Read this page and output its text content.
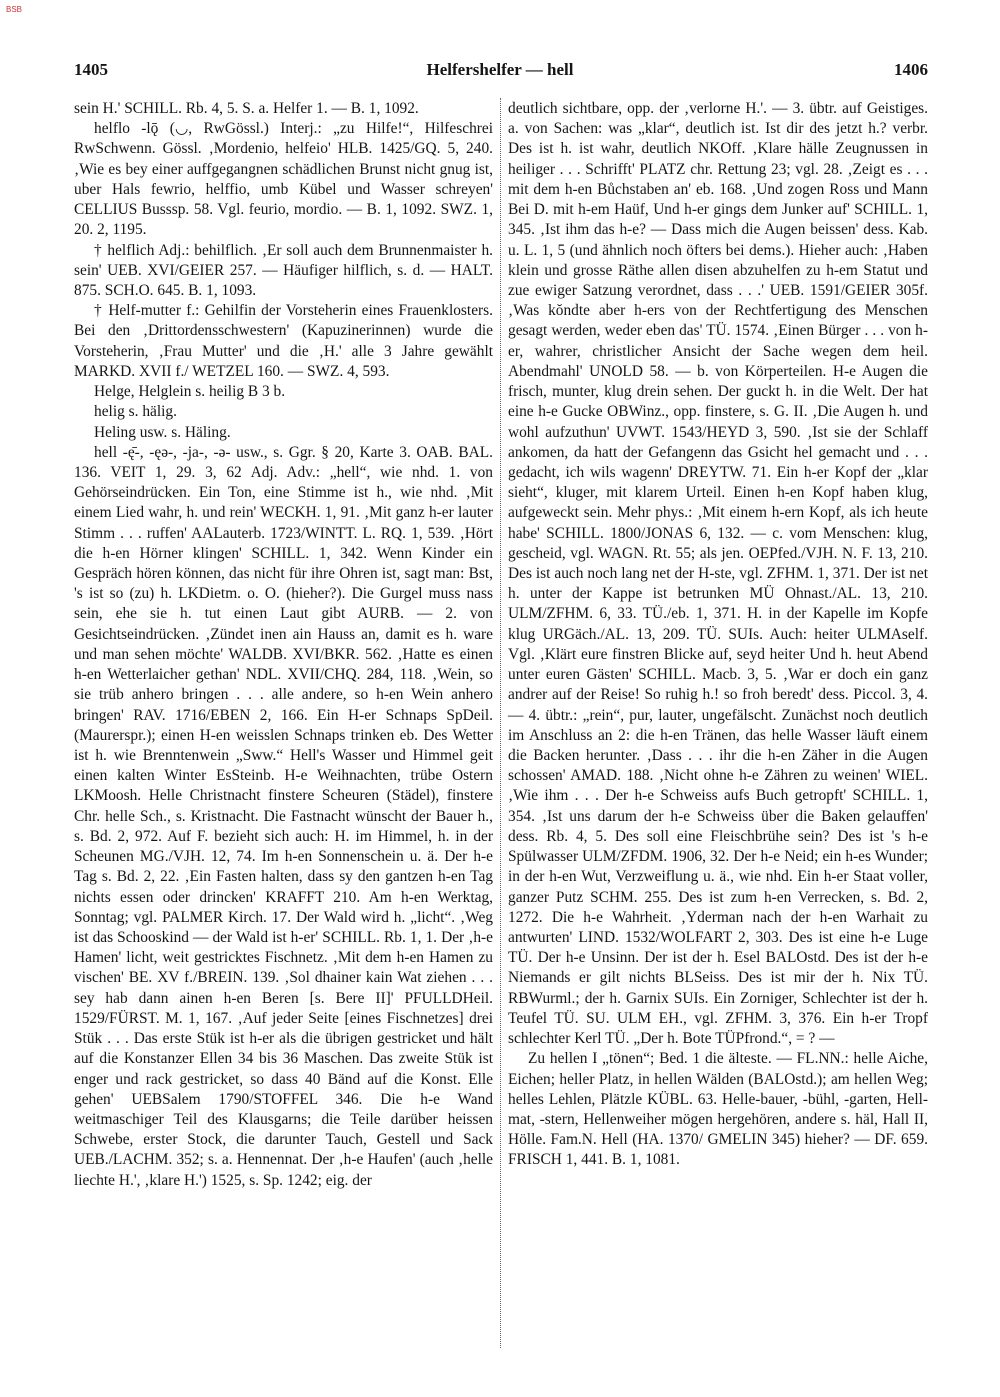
BSB
1405	Helfershelfer — hell	1406

sein H.' SCHILL. Rb. 4, 5. S. a. Helfer 1. — B. 1, 1092.

helflo -lǭ (◡, RwGössl.) Interj.: „zu Hilfe!“, Hilfeschrei RwSchwenn. Gössl. ‚Mordenio, helfeio' HLB. 1425/GQ. 5, 240. ‚Wie es bey einer auffgegangnen schädlichen Brunst nicht gnug ist, uber Hals fewrio, helffio, umb Kübel und Wasser schreyen' CELLIUS Busssp. 58. Vgl. feurio, mordio. — B. 1, 1092. SWZ. 1, 20. 2, 1195.

† helflich Adj.: behilflich. ‚Er soll auch dem Brunnenmaister h. sein' UEB. XVI/GEIER 257. — Häufiger hilflich, s. d. — HALT. 875. SCH.O. 645. B. 1, 1093.

† Helf-mutter f.: Gehilfin der Vorsteherin eines Frauenklosters. Bei den ‚Drittordensschwestern' (Kapuzinerinnen) wurde die Vorsteherin, ‚Frau Mutter' und die ‚H.' alle 3 Jahre gewählt MARKD. XVII f./ WETZEL 160. — SWZ. 4, 593.

Helge, Helglein s. heilig B 3 b.

helig s. hälig.

Heling usw. s. Häling.

hell -ę̄-, -ęə-, -ja-, -ə- usw., s. Ggr. § 20, Karte 3. OAB. BAL. 136. VEIT 1, 29. 3, 62 Adj. Adv.: „hell“, wie nhd. 1. von Gehörseindrücken. Ein Ton, eine Stimme ist h., wie nhd. ‚Mit einem Lied wahr, h. und rein' WECKH. 1, 91. ‚Mit ganz h-er lauter Stimm . . . ruffen' AALauterb. 1723/WINTT. L. RQ. 1, 539. ‚Hört die h-en Hörner klingen' SCHILL. 1, 342. Wenn Kinder ein Gespräch hören können, das nicht für ihre Ohren ist, sagt man: Bst, 's ist so (zu) h. LKDietm. o. O. (hieher?). Die Gurgel muss nass sein, ehe sie h. tut einen Laut gibt AURB. — 2. von Gesichtseindrücken. ‚Zündet inen ain Hauss an, damit es h. ware und man sehen möchte' WALDB. XVI/BKR. 562. ‚Hatte es einen h-en Wetterlaicher gethan' NDL. XVII/CHQ. 284, 118. ‚Wein, so sie trüb anhero bringen . . . alle andere, so h-en Wein anhero bringen' RAV. 1716/EBEN 2, 166. Ein H-er Schnaps SpDeil. (Maurerspr.); einen H-en weisslen Schnaps trinken eb. Des Wetter ist h. wie Brenntenwein „Sww.“ Hell's Wasser und Himmel geit einen kalten Winter EsSteinb. H-e Weihnachten, trübe Ostern LKMoosh. Helle Christnacht finstere Scheuren (Städel), finstere Chr. helle Sch., s. Kristnacht. Die Fastnacht wünscht der Bauer h., s. Bd. 2, 972. Auf F. bezieht sich auch: H. im Himmel, h. in der Scheunen MG./VJH. 12, 74. Im h-en Sonnenschein u. ä. Der h-e Tag s. Bd. 2, 22. ‚Ein Fasten halten, dass sy den gantzen h-en Tag nichts essen oder drincken' KRAFFT 210. Am h-en Werktag, Sonntag; vgl. PALMER Kirch. 17. Der Wald wird h. „licht“. ‚Weg ist das Schooskind — der Wald ist h-er' SCHILL. Rb. 1, 1. Der ‚h-e Hamen' licht, weit gestricktes Fischnetz. ‚Mit dem h-en Hamen zu vischen' BE. XV f./BREIN. 139. ‚Sol dhainer kain Wat ziehen . . . sey hab dann ainen h-en Beren [s. Bere II]' PFULLDHeil. 1529/FÜRST. M. 1, 167. ‚Auf jeder Seite [eines Fischnetzes] drei Stük . . . Das erste Stük ist h-er als die übrigen gestricket und hält auf die Konstanzer Ellen 34 bis 36 Maschen. Das zweite Stük ist enger und rack gestricket, so dass 40 Bänd auf die Konst. Elle gehen' UEBSalem 1790/STOFFEL 346. Die h-e Wand weitmaschiger Teil des Klausgarns; die Teile darüber heissen Schwebe, erster Stock, die darunter Tauch, Gestell und Sack UEB./LACHM. 352; s. a. Hennennat. Der ‚h-e Haufen' (auch ‚helle liechte H.', ‚klare H.') 1525, s. Sp. 1242; eig. der

deutlich sichtbare, opp. der ‚verlorne H.'. — 3. übtr. auf Geistiges. a. von Sachen: was „klar“, deutlich ist. Ist dir des jetzt h.? verbr. Des ist h. ist wahr, deutlich NKOff. ‚Klare hälle Zeugnussen in heiliger . . . Schrifft' PLATZ chr. Rettung 23; vgl. 28. ‚Zeigt es . . . mit dem h-en Bůchstaben an' eb. 168. ‚Und zogen Ross und Mann Bei D. mit h-em Haüf, Und h-er gings dem Junker auf' SCHILL. 1, 345. ‚Ist ihm das h-e? — Dass mich die Augen beissen' dess. Kab. u. L. 1, 5 (und ähnlich noch öfters bei dems.). Hieher auch: ‚Haben klein und grosse Räthe allen disen abzuhelfen zu h-em Statut und zue ewiger Satzung verordnet, dass . . .' UEB. 1591/GEIER 305f. ‚Was kŏndte aber h-ers von der Rechtfertigung des Menschen gesagt werden, weder eben das' TÜ. 1574. ‚Einen Bürger . . . von h-er, wahrer, christlicher Ansicht der Sache wegen dem heil. Abendmahl' UNOLD 58. — b. von Körperteilen. H-e Augen die frisch, munter, klug drein sehen. Der guckt h. in die Welt. Der hat eine h-e Gucke OBWinz., opp. finstere, s. G. II. ‚Die Augen h. und wohl aufzuthun' UVWT. 1543/HEYD 3, 590. ‚Ist sie der Schlaff ankomen, da hatt der Gefangenn das Gsicht hel gemacht und . . . gedacht, ich wils wagenn' DREYTW. 71. Ein h-er Kopf der „klar sieht“, kluger, mit klarem Urteil. Einen h-en Kopf haben klug, aufgeweckt sein. Mehr phys.: ‚Mit einem h-ern Kopf, als ich heute habe' SCHILL. 1800/JONAS 6, 132. — c. vom Menschen: klug, gescheid, vgl. WAGN. Rt. 55; als jen. OEPfed./VJH. N. F. 13, 210. Des ist auch noch lang net der H-ste, vgl. ZFHM. 1, 371. Der ist net h. unter der Kappe ist betrunken MÜ Ohnast./AL. 13, 210. ULM/ZFHM. 6, 33. TÜ./eb. 1, 371. H. in der Kapelle im Kopfe klug URGäch./AL. 13, 209. TÜ. SUIs. Auch: heiter ULMAself. Vgl. ‚Klärt eure finstren Blicke auf, seyd heiter Und h. heut Abend unter euren Gästen' SCHILL. Macb. 3, 5. ‚War er doch ein ganz andrer auf der Reise! So ruhig h.! so froh beredt' dess. Piccol. 3, 4. — 4. übtr.: „rein“, pur, lauter, ungefälscht. Zunächst noch deutlich im Anschluss an 2: die h-en Tränen, das helle Wasser läuft einem die Backen herunter. ‚Dass . . . ihr die h-en Zäher in die Augen schossen' AMAD. 188. ‚Nicht ohne h-e Zähren zu weinen' WIEL. ‚Wie ihm . . . Der h-e Schweiss aufs Buch getropft' SCHILL. 1, 354. ‚Ist uns darum der h-e Schweiss über die Baken gelauffen' dess. Rb. 4, 5. Des soll eine Fleischbrühe sein? Des ist 's h-e Spülwasser ULM/ZFDM. 1906, 32. Der h-e Neid; ein h-es Wunder; in der h-en Wut, Verzweiflung u. ä., wie nhd. Ein h-er Staat voller, ganzer Putz SCHM. 255. Des ist zum h-en Verrecken, s. Bd. 2, 1272. Die h-e Wahrheit. ‚Yderman nach der h-en Warhait zu antwurten' LIND. 1532/WOLFART 2, 303. Des ist eine h-e Luge TÜ. Der h-e Unsinn. Der ist der h. Esel BALOstd. Des ist der h-e Niemands er gilt nichts BLSeiss. Des ist mir der h. Nix TÜ. RBWurml.; der h. Garnix SUIs. Ein Zorniger, Schlechter ist der h. Teufel TÜ. SU. ULM EH., vgl. ZFHM. 3, 376. Ein h-er Tropf schlechter Kerl TÜ. „Der h. Bote TÜPfrond.“, = ? —

Zu hellen I „tönen“; Bed. 1 die älteste. — FL.NN.: helle Aiche, Eichen; heller Platz, in hellen Wälden (BALOstd.); am hellen Weg; helles Lehlen, Plätzle KÜBL. 63. Helle-bauer, -bühl, -garten, Hell-mat, -stern, Hellenweiher mögen hergehören, andere s. häl, Hall II, Hölle. Fam.N. Hell (HA. 1370/ GMELIN 345) hieher? — DF. 659. FRISCH 1, 441. B. 1, 1081.
